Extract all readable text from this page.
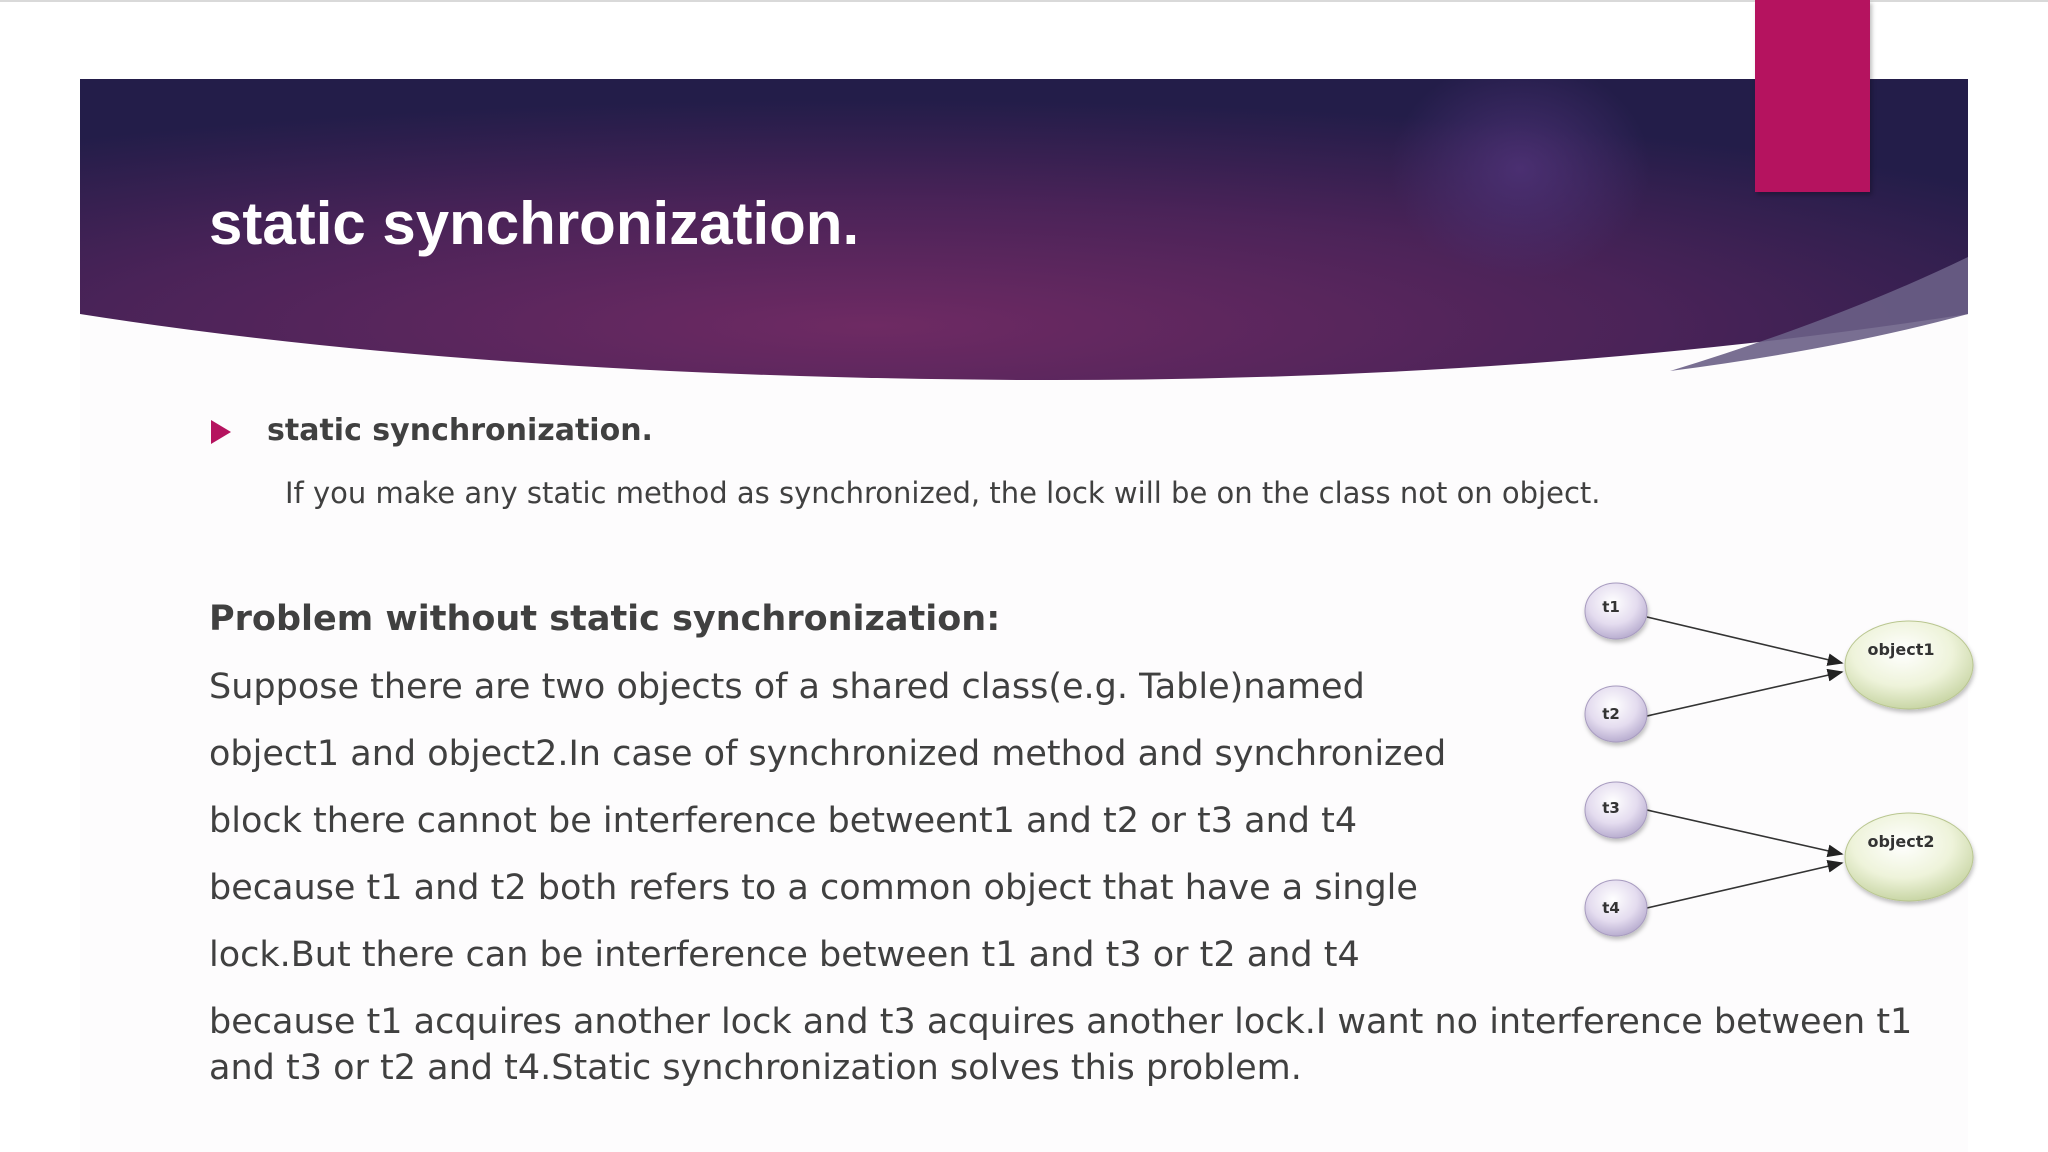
static synchronization.
static synchronization.
If you make any static method as synchronized, the lock will be on the class not on object.
Problem without static synchronization:
Suppose there are two objects of a shared class(e.g. Table)named
object1 and object2.In case of synchronized method and synchronized
block there cannot be interference betweent1 and t2 or t3 and t4
because t1 and t2 both refers to a common object that have a single
lock.But there can be interference between t1 and t3 or t2 and t4
because t1 acquires another lock and t3 acquires another lock.I want no interference between t1
and t3 or t2 and t4.Static synchronization solves this problem.
t1
t2
t3
t4
object1
object2
